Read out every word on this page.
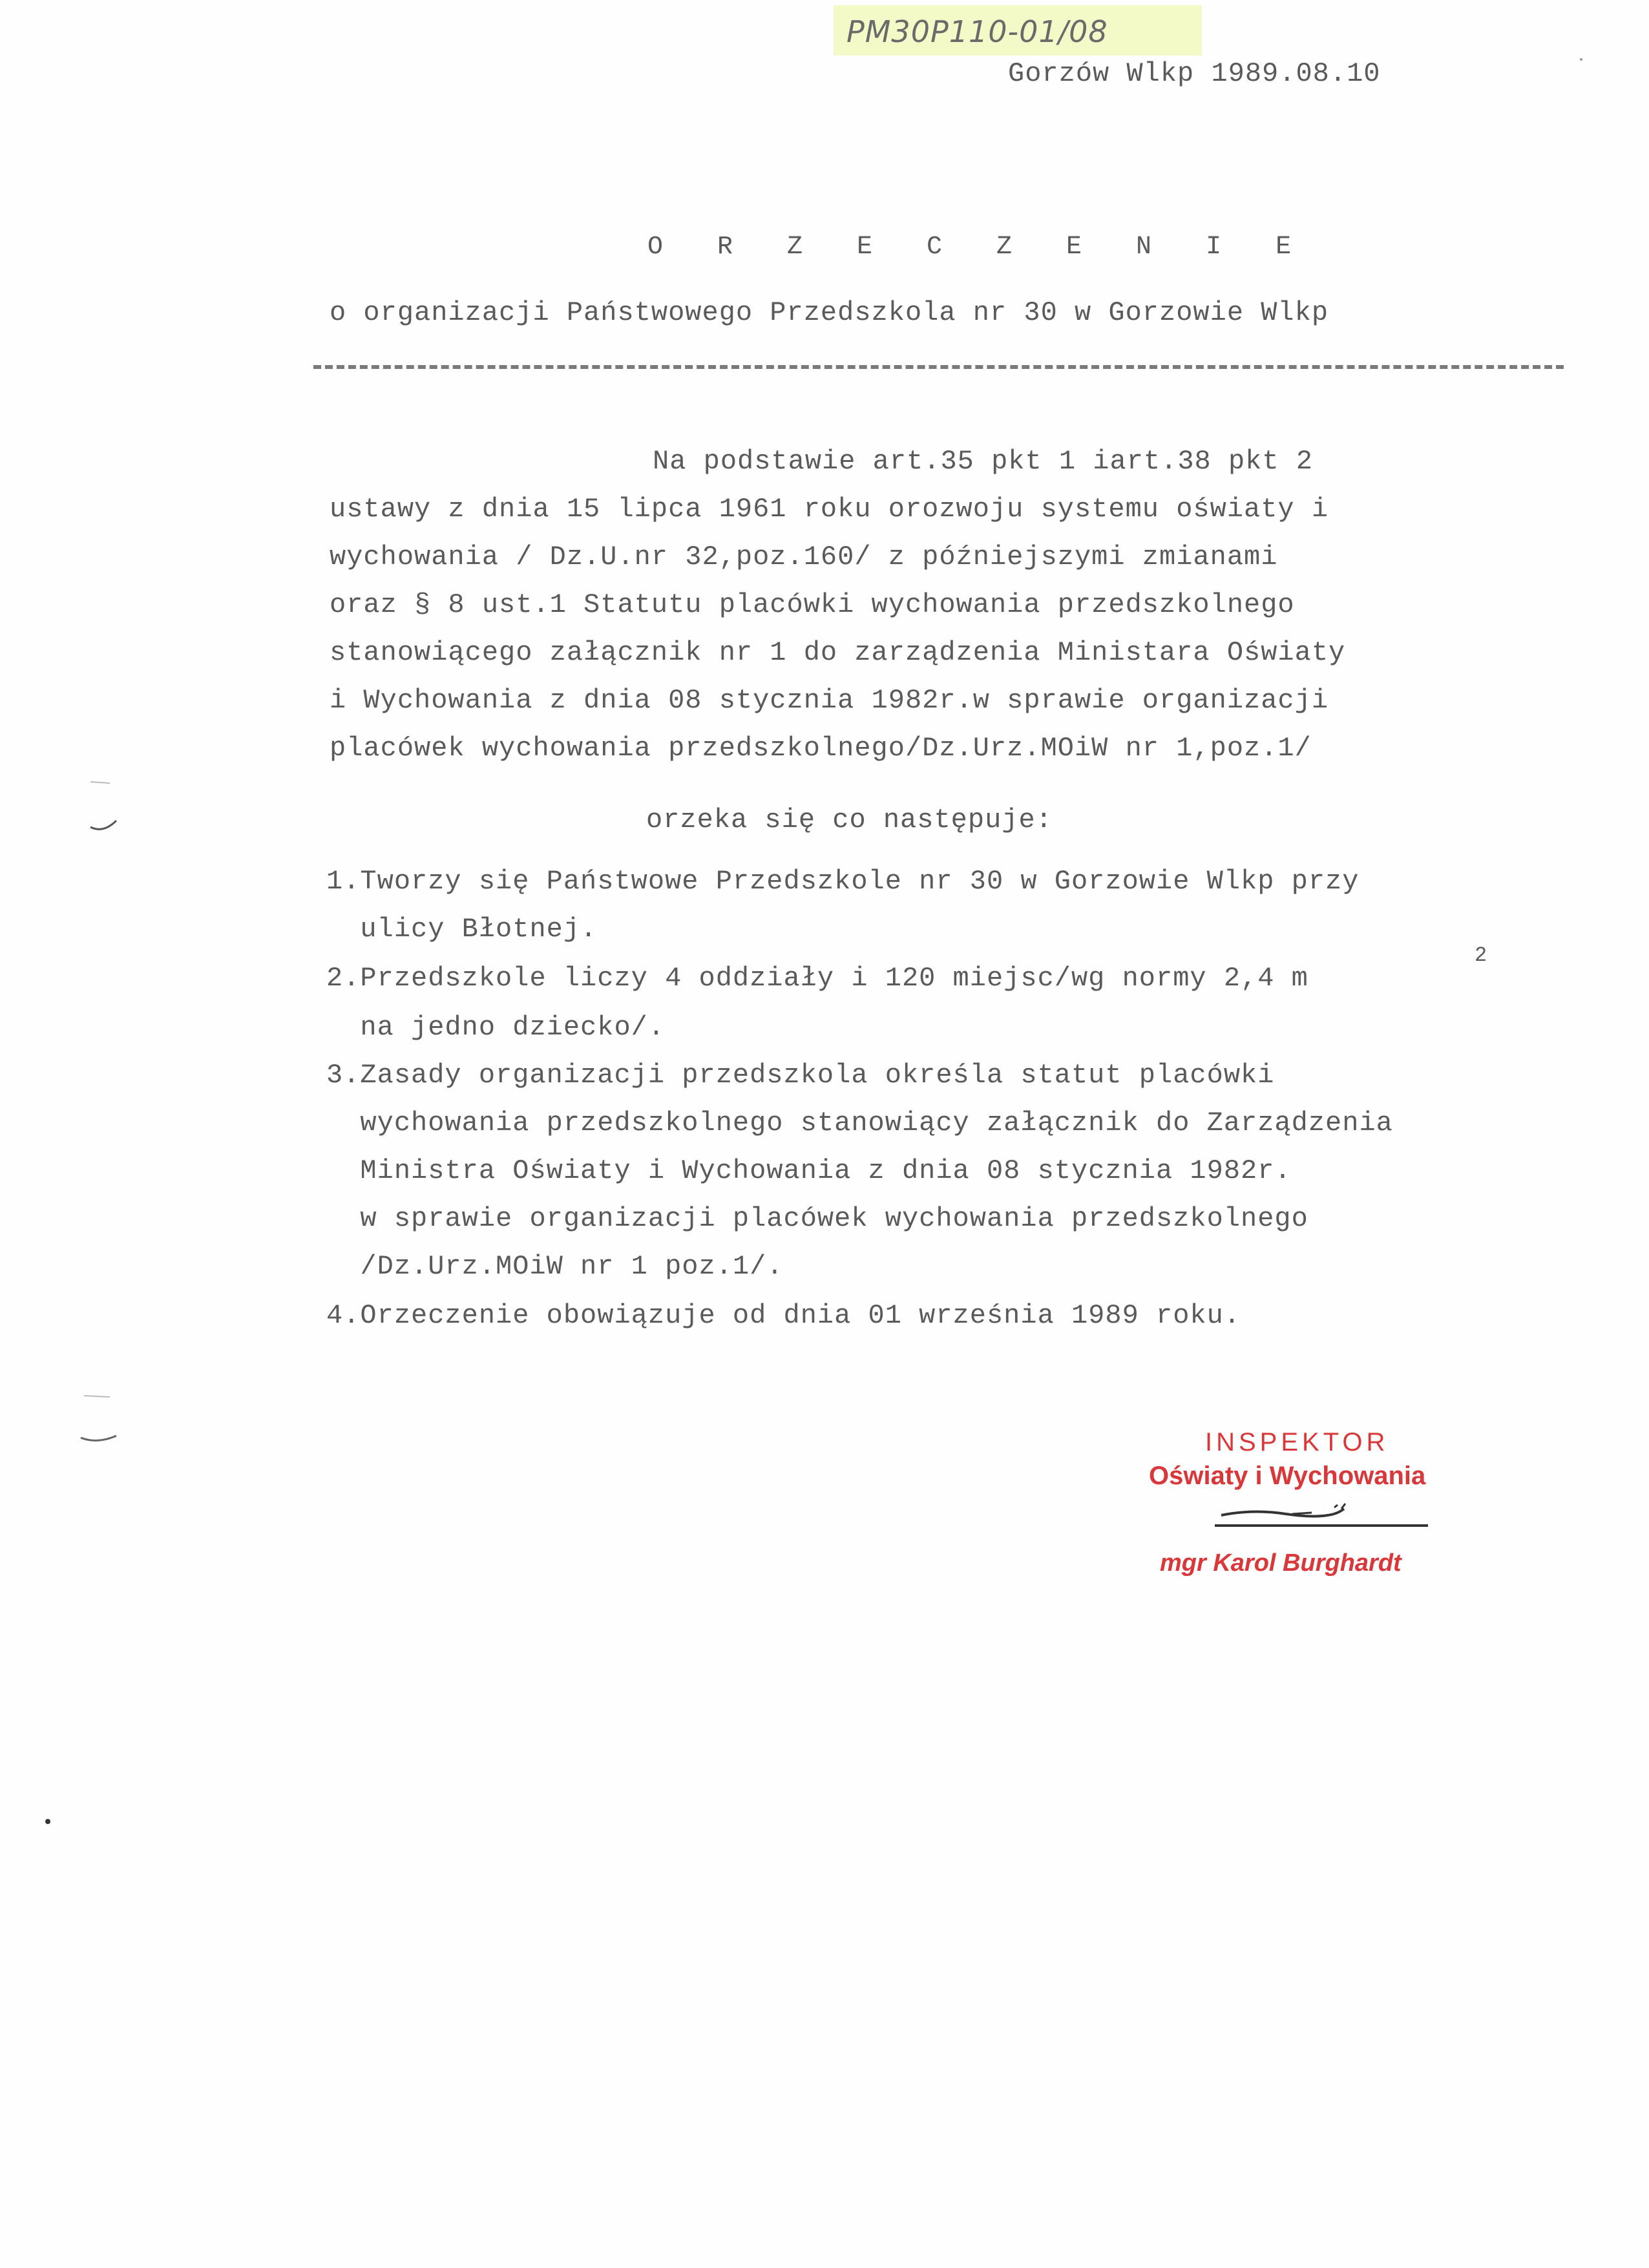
PM30P110-01/08
Gorzów Wlkp 1989.08.10
O R Z E C Z E N I E
o organizacji Państwowego Przedszkola nr 30 w Gorzowie Wlkp
Na podstawie art.35 pkt 1 iart.38 pkt 2
ustawy z dnia 15 lipca 1961 roku orozwoju systemu oświaty i
wychowania / Dz.U.nr 32,poz.160/ z późniejszymi zmianami
oraz § 8 ust.1 Statutu placówki wychowania przedszkolnego
stanowiącego załącznik nr 1 do zarządzenia Ministara Oświaty
i Wychowania z dnia 08 stycznia 1982r.w sprawie organizacji
placówek wychowania przedszkolnego/Dz.Urz.MOiW nr 1,poz.1/
orzeka się co następuje:
1.Tworzy się Państwowe Przedszkole nr 30 w Gorzowie Wlkp przy
ulicy Błotnej.
2.Przedszkole liczy 4 oddziały i 120 miejsc/wg normy 2,4 m
2
na jedno dziecko/.
3.Zasady organizacji przedszkola określa statut placówki
wychowania przedszkolnego stanowiący załącznik do Zarządzenia
Ministra Oświaty i Wychowania z dnia 08 stycznia 1982r.
w sprawie organizacji placówek wychowania przedszkolnego
/Dz.Urz.MOiW nr 1 poz.1/.
4.Orzeczenie obowiązuje od dnia 01 września 1989 roku.
INSPEKTOR
Oświaty i Wychowania
mgr Karol Burghardt
